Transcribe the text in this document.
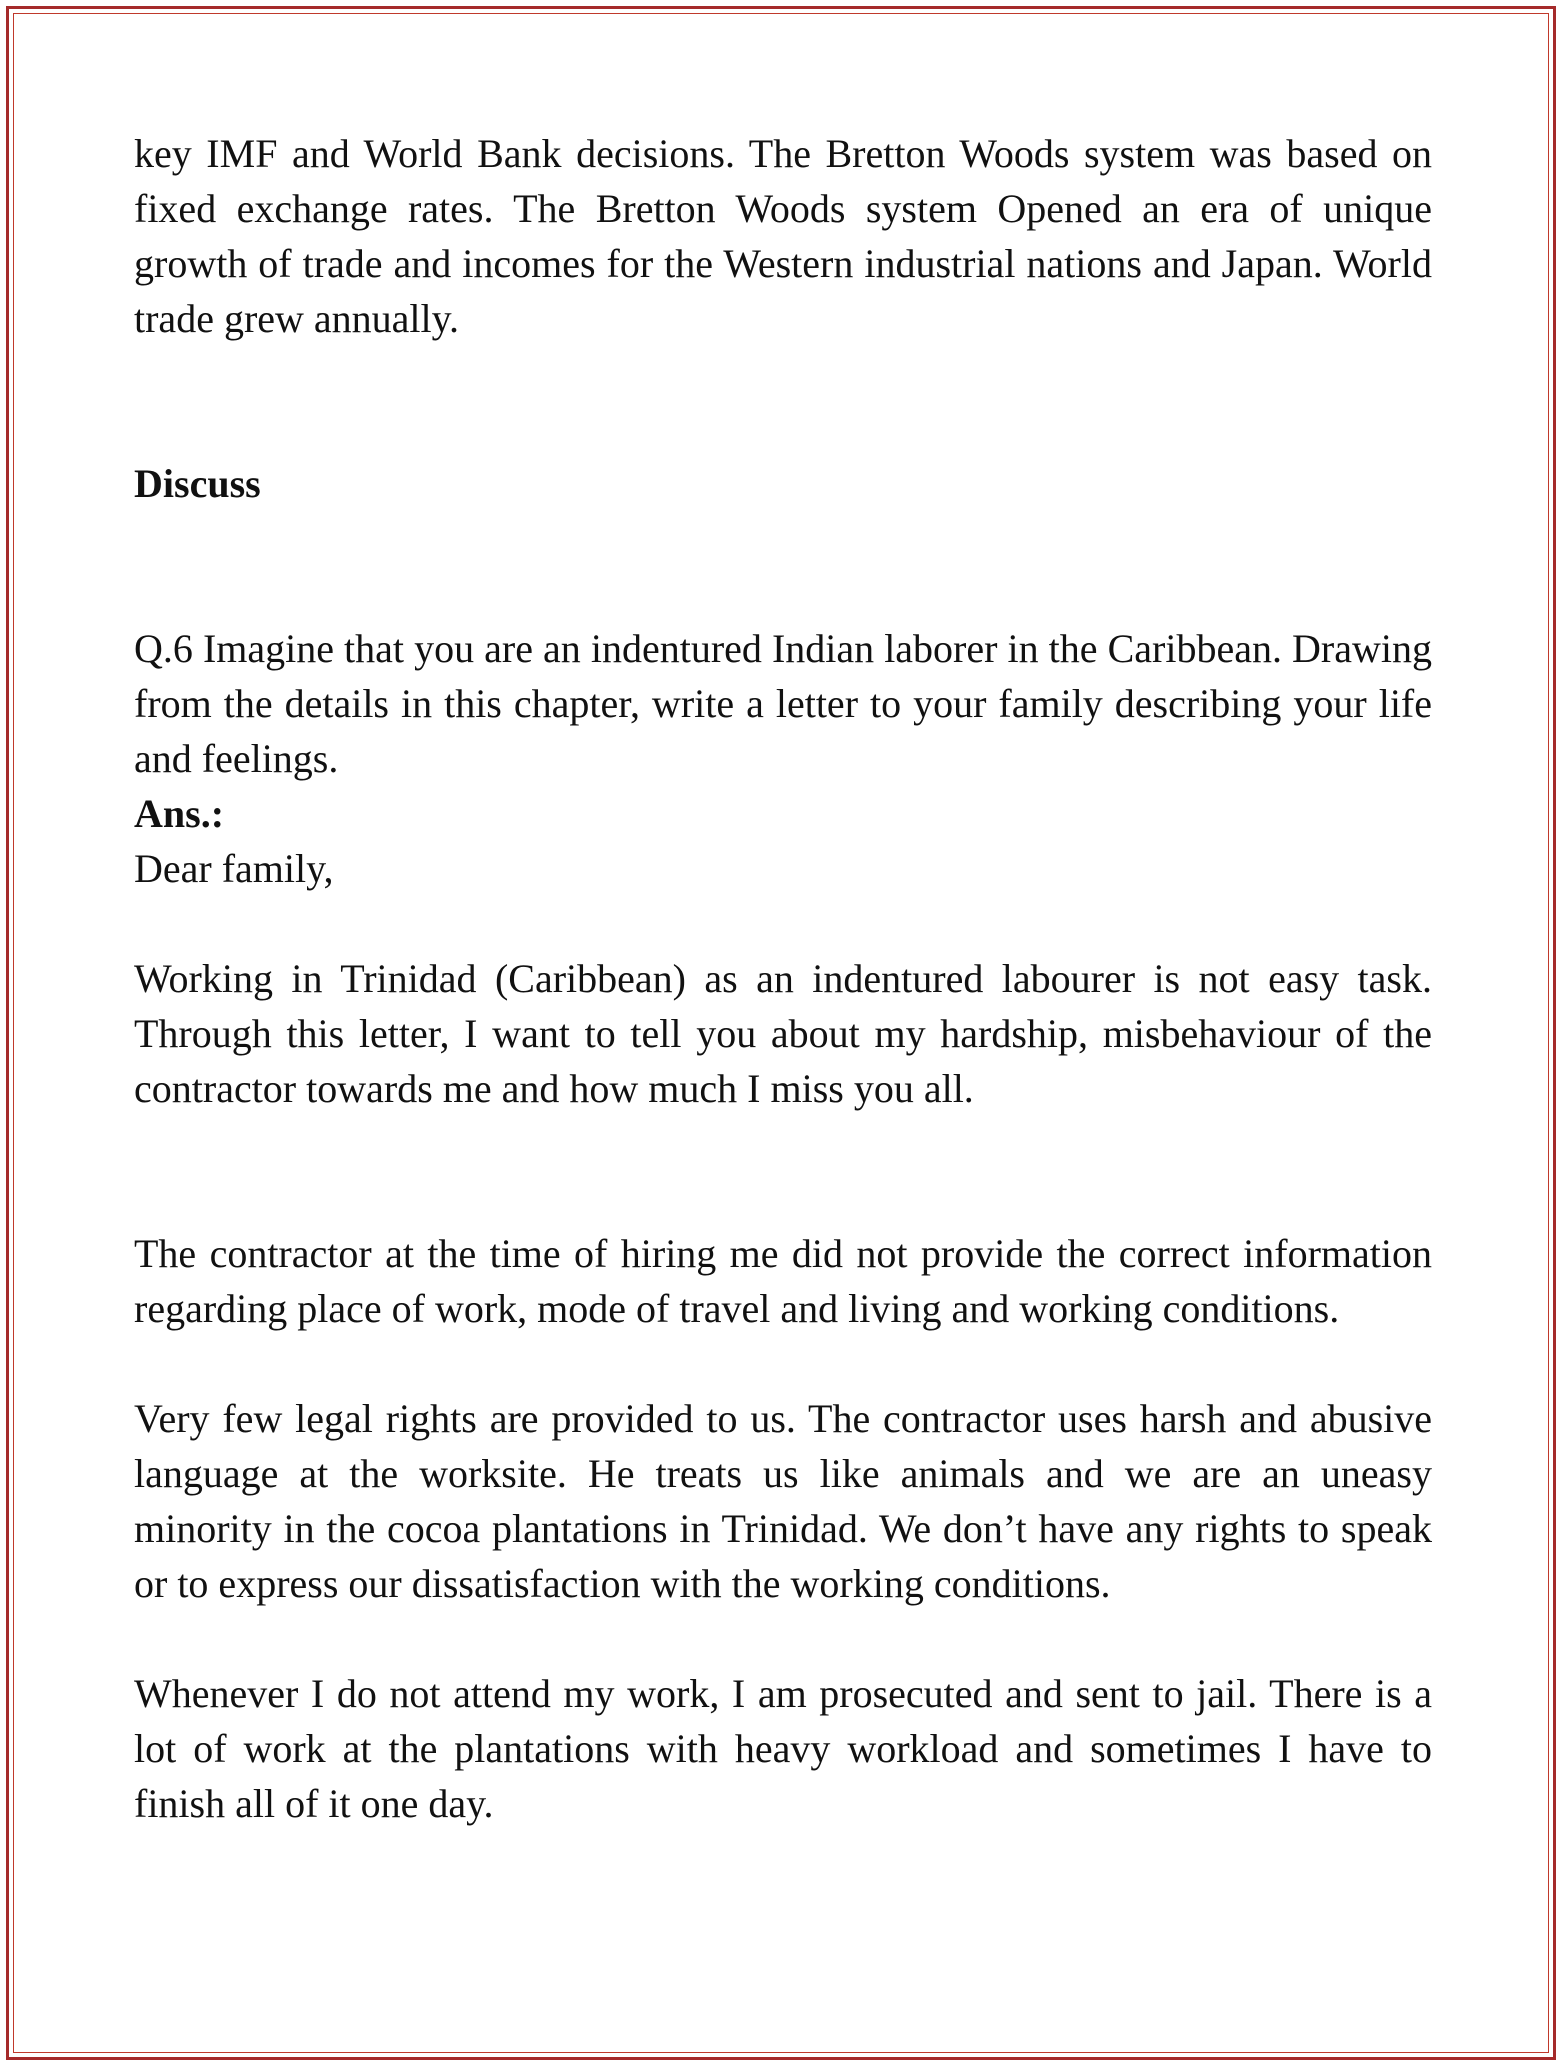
key IMF and World Bank decisions. The Bretton Woods system was based on fixed exchange rates. The Bretton Woods system Opened an era of unique growth of trade and incomes for the Western industrial nations and Japan. World trade grew annually.

Discuss

Q.6 Imagine that you are an indentured Indian laborer in the Caribbean. Drawing from the details in this chapter, write a letter to your family describing your life and feelings.

Ans.:

Dear family,

Working in Trinidad (Caribbean) as an indentured labourer is not easy task. Through this letter, I want to tell you about my hardship, misbehaviour of the contractor towards me and how much I miss you all.

The contractor at the time of hiring me did not provide the correct information regarding place of work, mode of travel and living and working conditions.

Very few legal rights are provided to us. The contractor uses harsh and abusive language at the worksite. He treats us like animals and we are an uneasy minority in the cocoa plantations in Trinidad. We don’t have any rights to speak or to express our dissatisfaction with the working conditions.

Whenever I do not attend my work, I am prosecuted and sent to jail. There is a lot of work at the plantations with heavy workload and sometimes I have to finish all of it one day.
